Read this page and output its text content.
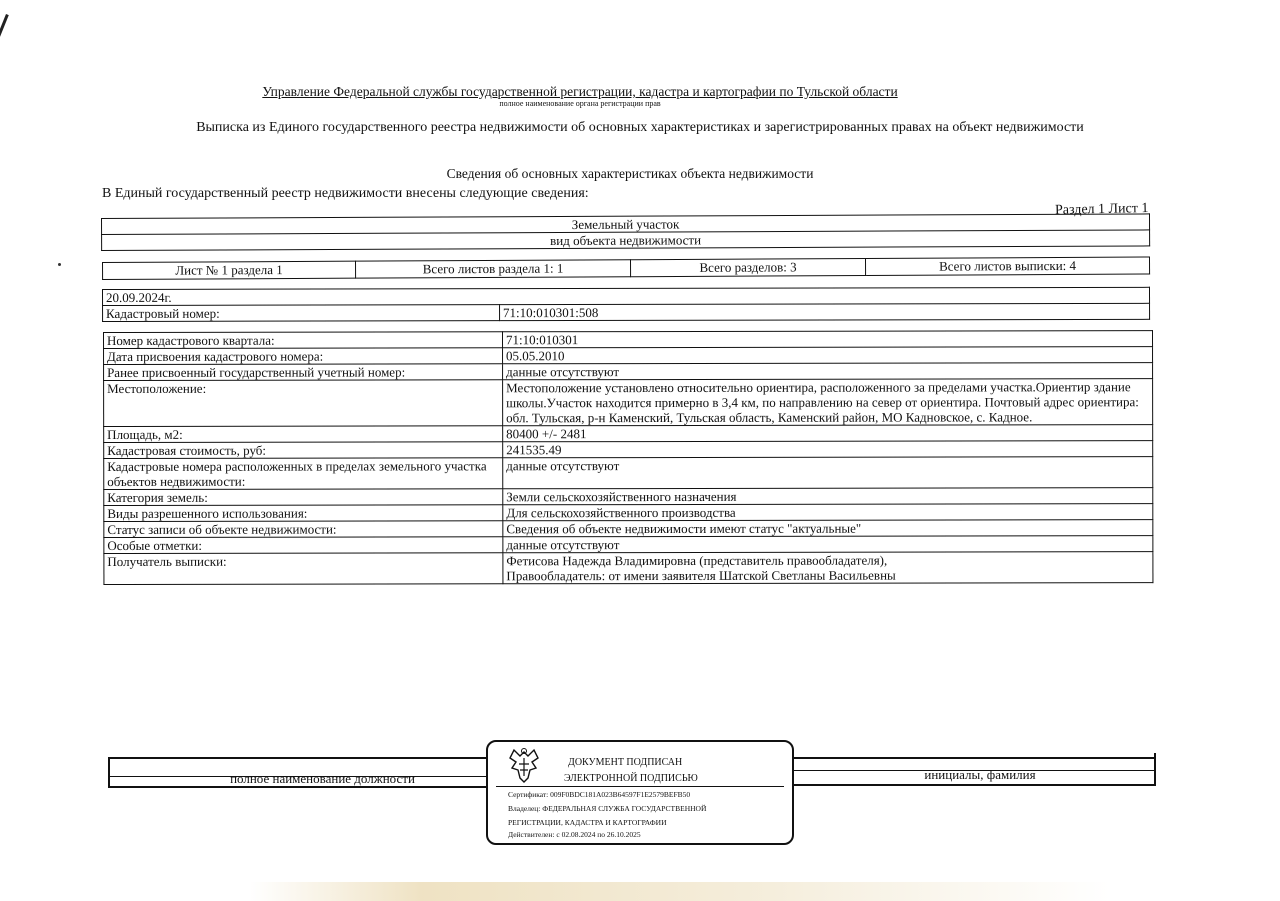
Управление Федеральной службы государственной регистрации, кадастра и картографии по Тульской области
полное наименование органа регистрации прав
Выписка из Единого государственного реестра недвижимости об основных характеристиках и зарегистрированных правах на объект недвижимости
Сведения об основных характеристиках объекта недвижимости
В Единый государственный реестр недвижимости внесены следующие сведения:
Раздел 1 Лист 1
Земельный участок
вид объекта недвижимости
Лист № 1 раздела 1	Всего листов раздела 1: 1	Всего разделов: 3	Всего листов выписки: 4
20.09.2024г.
Кадастровый номер:	71:10:010301:508
Номер кадастрового квартала:	71:10:010301
Дата присвоения кадастрового номера:	05.05.2010
Ранее присвоенный государственный учетный номер:	данные отсутствуют
Местоположение:	Местоположение установлено относительно ориентира, расположенного за пределами участка.Ориентир здание школы.Участок находится примерно в 3,4 км, по направлению на север от ориентира. Почтовый адрес ориентира: обл. Тульская, р-н Каменский, Тульская область, Каменский район, МО Кадновское, с. Кадное.
Площадь, м2:	80400 +/- 2481
Кадастровая стоимость, руб:	241535.49
Кадастровые номера расположенных в пределах земельного участка объектов недвижимости:	данные отсутствуют
Категория земель:	Земли сельскохозяйственного назначения
Виды разрешенного использования:	Для сельскохозяйственного производства
Статус записи об объекте недвижимости:	Сведения об объекте недвижимости имеют статус "актуальные"
Особые отметки:	данные отсутствуют
Получатель выписки:	Фетисова Надежда Владимировна (представитель правообладателя),
Правообладатель: от имени заявителя Шатской Светланы Васильевны
полное наименование должности	инициалы, фамилия
ДОКУМЕНТ ПОДПИСАН
ЭЛЕКТРОННОЙ ПОДПИСЬЮ
Сертификат: 009F0BDC181A023B64597F1E2579BEFB50
Владелец: ФЕДЕРАЛЬНАЯ СЛУЖБА ГОСУДАРСТВЕННОЙ
РЕГИСТРАЦИИ, КАДАСТРА И КАРТОГРАФИИ
Действителен: с 02.08.2024 по 26.10.2025
